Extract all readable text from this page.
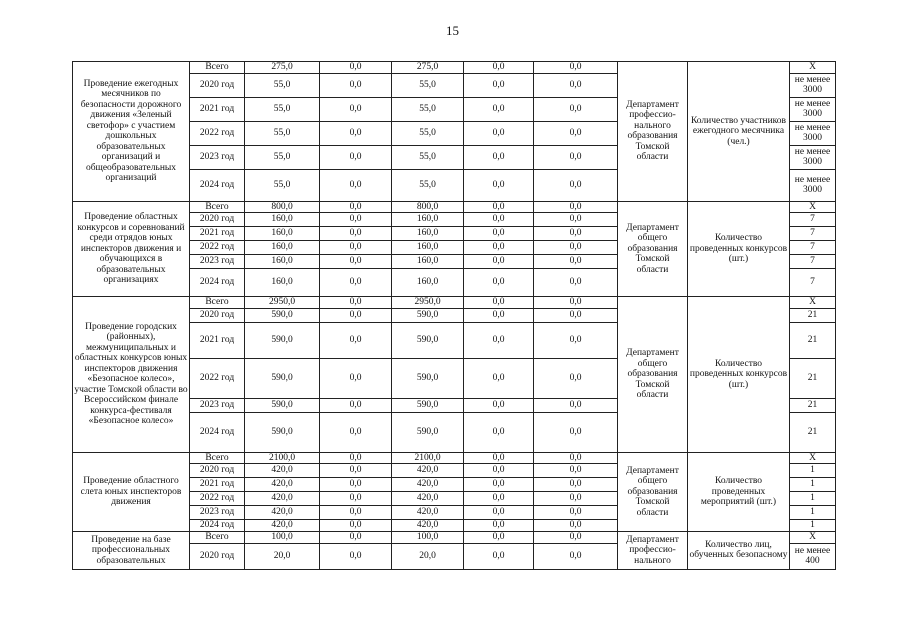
15
Проведение ежегодных месячников по безопасности дорожного движения «Зеленый светофор» с участием дошкольных образовательных организаций и общеобразовательных организаций	Всего	275,0	0,0	275,0	0,0	0,0	Департамент профессио-нального образования Томской области	Количество участников ежегодного месячника (чел.)	Х
	2020 год	55,0	0,0	55,0	0,0	0,0			не менее 3000
	2021 год	55,0	0,0	55,0	0,0	0,0			не менее 3000
	2022 год	55,0	0,0	55,0	0,0	0,0			не менее 3000
	2023 год	55,0	0,0	55,0	0,0	0,0			не менее 3000
	2024 год	55,0	0,0	55,0	0,0	0,0			не менее 3000
Проведение областных конкурсов и соревнований среди отрядов юных инспекторов движения и обучающихся в образовательных организациях	Всего	800,0	0,0	800,0	0,0	0,0	Департамент общего образования Томской области	Количество проведенных конкурсов (шт.)	Х
	2020 год	160,0	0,0	160,0	0,0	0,0			7
	2021 год	160,0	0,0	160,0	0,0	0,0			7
	2022 год	160,0	0,0	160,0	0,0	0,0			7
	2023 год	160,0	0,0	160,0	0,0	0,0			7
	2024 год	160,0	0,0	160,0	0,0	0,0			7
Проведение городских (районных), межмуниципальных и областных конкурсов юных инспекторов движения «Безопасное колесо», участие Томской области во Всероссийском финале конкурса-фестиваля «Безопасное колесо»	Всего	2950,0	0,0	2950,0	0,0	0,0	Департамент общего образования Томской области	Количество проведенных конкурсов (шт.)	Х
	2020 год	590,0	0,0	590,0	0,0	0,0			21
	2021 год	590,0	0,0	590,0	0,0	0,0			21
	2022 год	590,0	0,0	590,0	0,0	0,0			21
	2023 год	590,0	0,0	590,0	0,0	0,0			21
	2024 год	590,0	0,0	590,0	0,0	0,0			21
Проведение областного слета юных инспекторов движения	Всего	2100,0	0,0	2100,0	0,0	0,0	Департамент общего образования Томской области	Количество проведенных мероприятий (шт.)	Х
	2020 год	420,0	0,0	420,0	0,0	0,0			1
	2021 год	420,0	0,0	420,0	0,0	0,0			1
	2022 год	420,0	0,0	420,0	0,0	0,0			1
	2023 год	420,0	0,0	420,0	0,0	0,0			1
	2024 год	420,0	0,0	420,0	0,0	0,0			1
Проведение на базе профессиональных образовательных	Всего	100,0	0,0	100,0	0,0	0,0	Департамент профессио-нального	Количество лиц, обученных безопасному	Х
	2020 год	20,0	0,0	20,0	0,0	0,0			не менее 400
